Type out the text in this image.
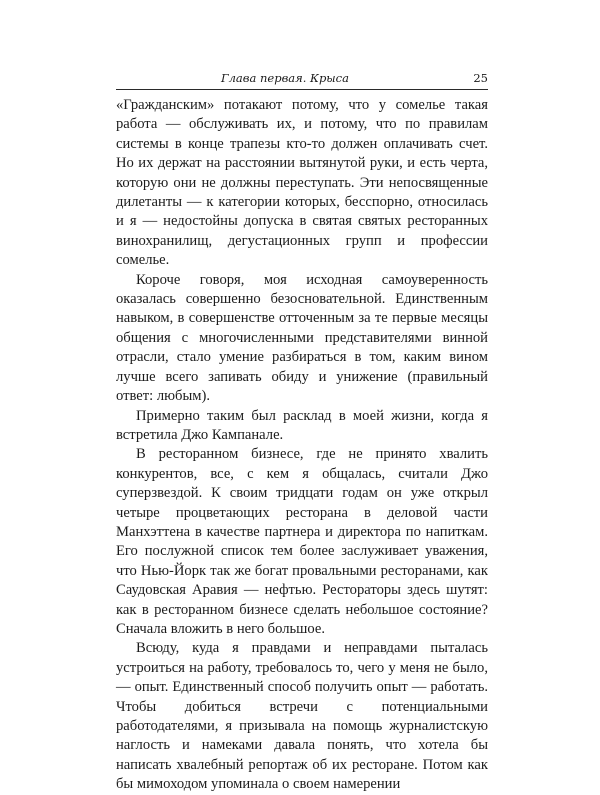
Глава первая. Крыса	25

«Гражданским» потакают потому, что у сомелье такая работа — обслуживать их, и потому, что по правилам системы в конце трапезы кто-то должен оплачивать счет. Но их держат на расстоянии вытянутой руки, и есть черта, которую они не должны переступать. Эти непосвященные дилетанты — к категории которых, бесспорно, относилась и я — недостойны допуска в святая святых ресторанных винохранилищ, дегустационных групп и профессии сомелье.

Короче говоря, моя исходная самоуверенность оказалась совершенно безосновательной. Единственным навыком, в совершенстве отточенным за те первые месяцы общения с многочисленными представителями винной отрасли, стало умение разбираться в том, каким вином лучше всего запивать обиду и унижение (правильный ответ: любым).

Примерно таким был расклад в моей жизни, когда я встретила Джо Кампанале.

В ресторанном бизнесе, где не принято хвалить конкурентов, все, с кем я общалась, считали Джо суперзвездой. К своим тридцати годам он уже открыл четыре процветающих ресторана в деловой части Манхэттена в качестве партнера и директора по напиткам. Его послужной список тем более заслуживает уважения, что Нью-Йорк так же богат провальными ресторанами, как Саудовская Аравия — нефтью. Рестораторы здесь шутят: как в ресторанном бизнесе сделать небольшое состояние? Сначала вложить в него большое.

Всюду, куда я правдами и неправдами пыталась устроиться на работу, требовалось то, чего у меня не было, — опыт. Единственный способ получить опыт — работать. Чтобы добиться встречи с потенциальными работодателями, я призывала на помощь журналистскую наглость и намеками давала понять, что хотела бы написать хвалебный репортаж об их ресторане. Потом как бы мимоходом упоминала о своем намерении
